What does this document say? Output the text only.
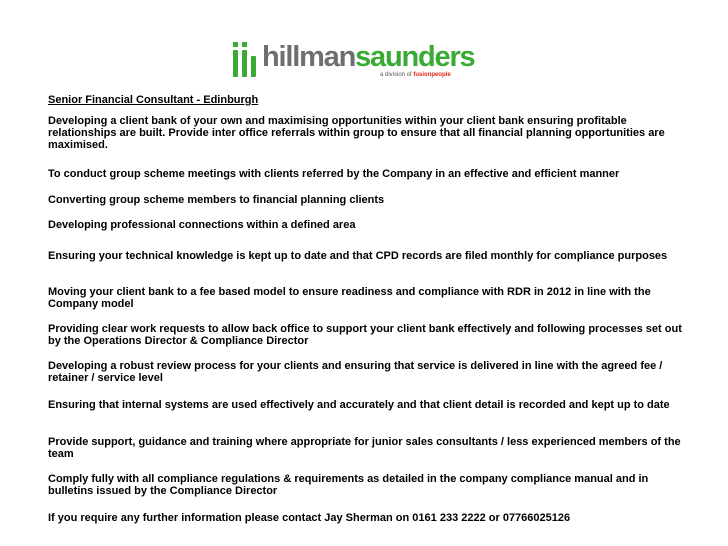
hillmansaunders
a division of fusionpeople

Senior Financial Consultant - Edinburgh

Developing a client bank of your own and maximising opportunities within your client bank ensuring profitable relationships are built. Provide inter office referrals within group to ensure that all financial planning opportunities are maximised.

To conduct group scheme meetings with clients referred by the Company in an effective and efficient manner

Converting group scheme members to financial planning clients

Developing professional connections within a defined area

Ensuring your technical knowledge is kept up to date and that CPD records are filed monthly for compliance purposes

Moving your client bank to a fee based model to ensure readiness and compliance with RDR in 2012 in line with the Company model

Providing clear work requests to allow back office to support your client bank effectively and following processes set out by the Operations Director & Compliance Director

Developing a robust review process for your clients and ensuring that service is delivered in line with the agreed fee / retainer / service level

Ensuring that internal systems are used effectively and accurately and that client detail is recorded and kept up to date

Provide support, guidance and training where appropriate for junior sales consultants / less experienced members of the team

Comply fully with all compliance regulations & requirements as detailed in the company compliance manual and in bulletins issued by the Compliance Director

If you require any further information please contact Jay Sherman on 0161 233 2222 or 07766025126
